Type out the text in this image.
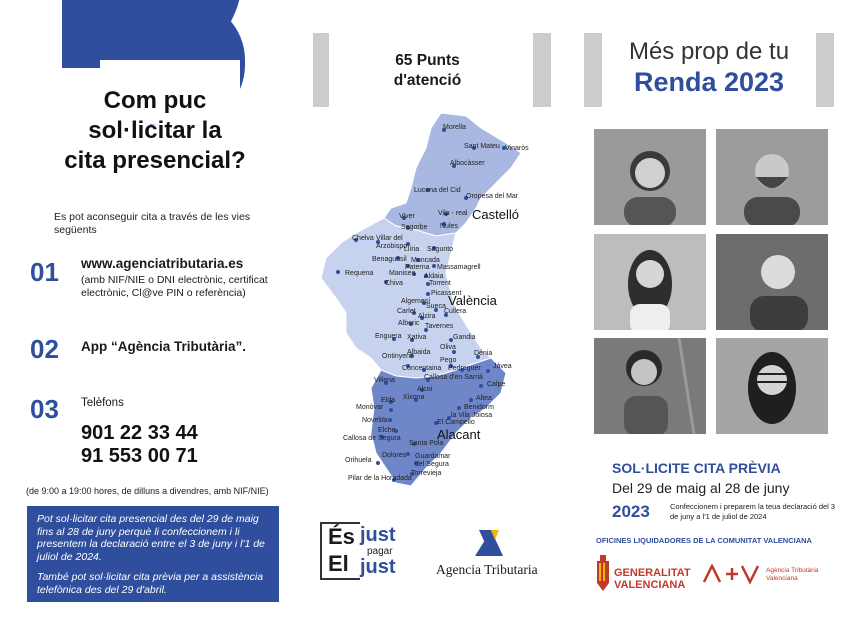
Com puc
sol·licitar la
cita presencial?
Es pot aconseguir cita a través de les vies següents
01 www.agenciatributaria.es
(amb NIF/NIE o DNI electrònic, certificat electrònic, Cl@ve PIN o referència)
02 App “Agència Tributària”.
03 Telèfons
901 22 33 44
91 553 00 71
(de 9:00 a 19:00 hores, de dilluns a divendres, amb NIF/NIE)

Pot sol·licitar cita presencial des del 29 de maig fins al 28 de juny perquè li confeccionem i li presentem la declaració entre el 3 de juny i l'1 de juliol de 2024.

També pot sol·licitar cita prèvia per a assistència telefònica des del 29 d'abril.

65 Punts
d'atenció
Morella
Sant Mateu Vinaròs
Albocàsser
Lucena del Cid
Oropesa del Mar
Viver	Vila - real
Segorbe Nules
Chelva Villar del Arzobispo
Llíria Sagunto
Benaguasil Moncada
Paterna Massamagrell
Manises Aldaia
Requena
Chiva	Torrent
Picassent
Algemesí
Carlet
Sueca
Alzira
Cullera
Alberic Tavernes
Enguera Xativa	Gandia
Albaida
Oliva
Ontinyent	Dénia
Concentaina
Pego
Pedreguer Jàvea
Callosa d'en Sarrià
Villena
Alcoi
Calpe
Xixona	Altea
Elda
Benidorm
Monòvar
la Vila Joiosa
Novelda	El Campello
Elche
Santa Pola
Callosa de Segura
Orihuela
Dolores Guardamar del Segura
Torrevieja
Pilar de la Horadada
Castelló
València
Alacant
És
El
just
pagar
just	Agencia Tributaria
Més prop de tu
Renda 2023
SOL·LICITE CITA PRÈVIA
Del 29 de maig al 28 de juny
2023	Confeccionem i preparem la teua declaració del 3 de juny a l'1 de juliol de 2024
OFICINES LIQUIDADORES DE LA COMUNITAT VALENCIANA
GENERALITAT
VALENCIANA
Agència Tributària
Valenciana
